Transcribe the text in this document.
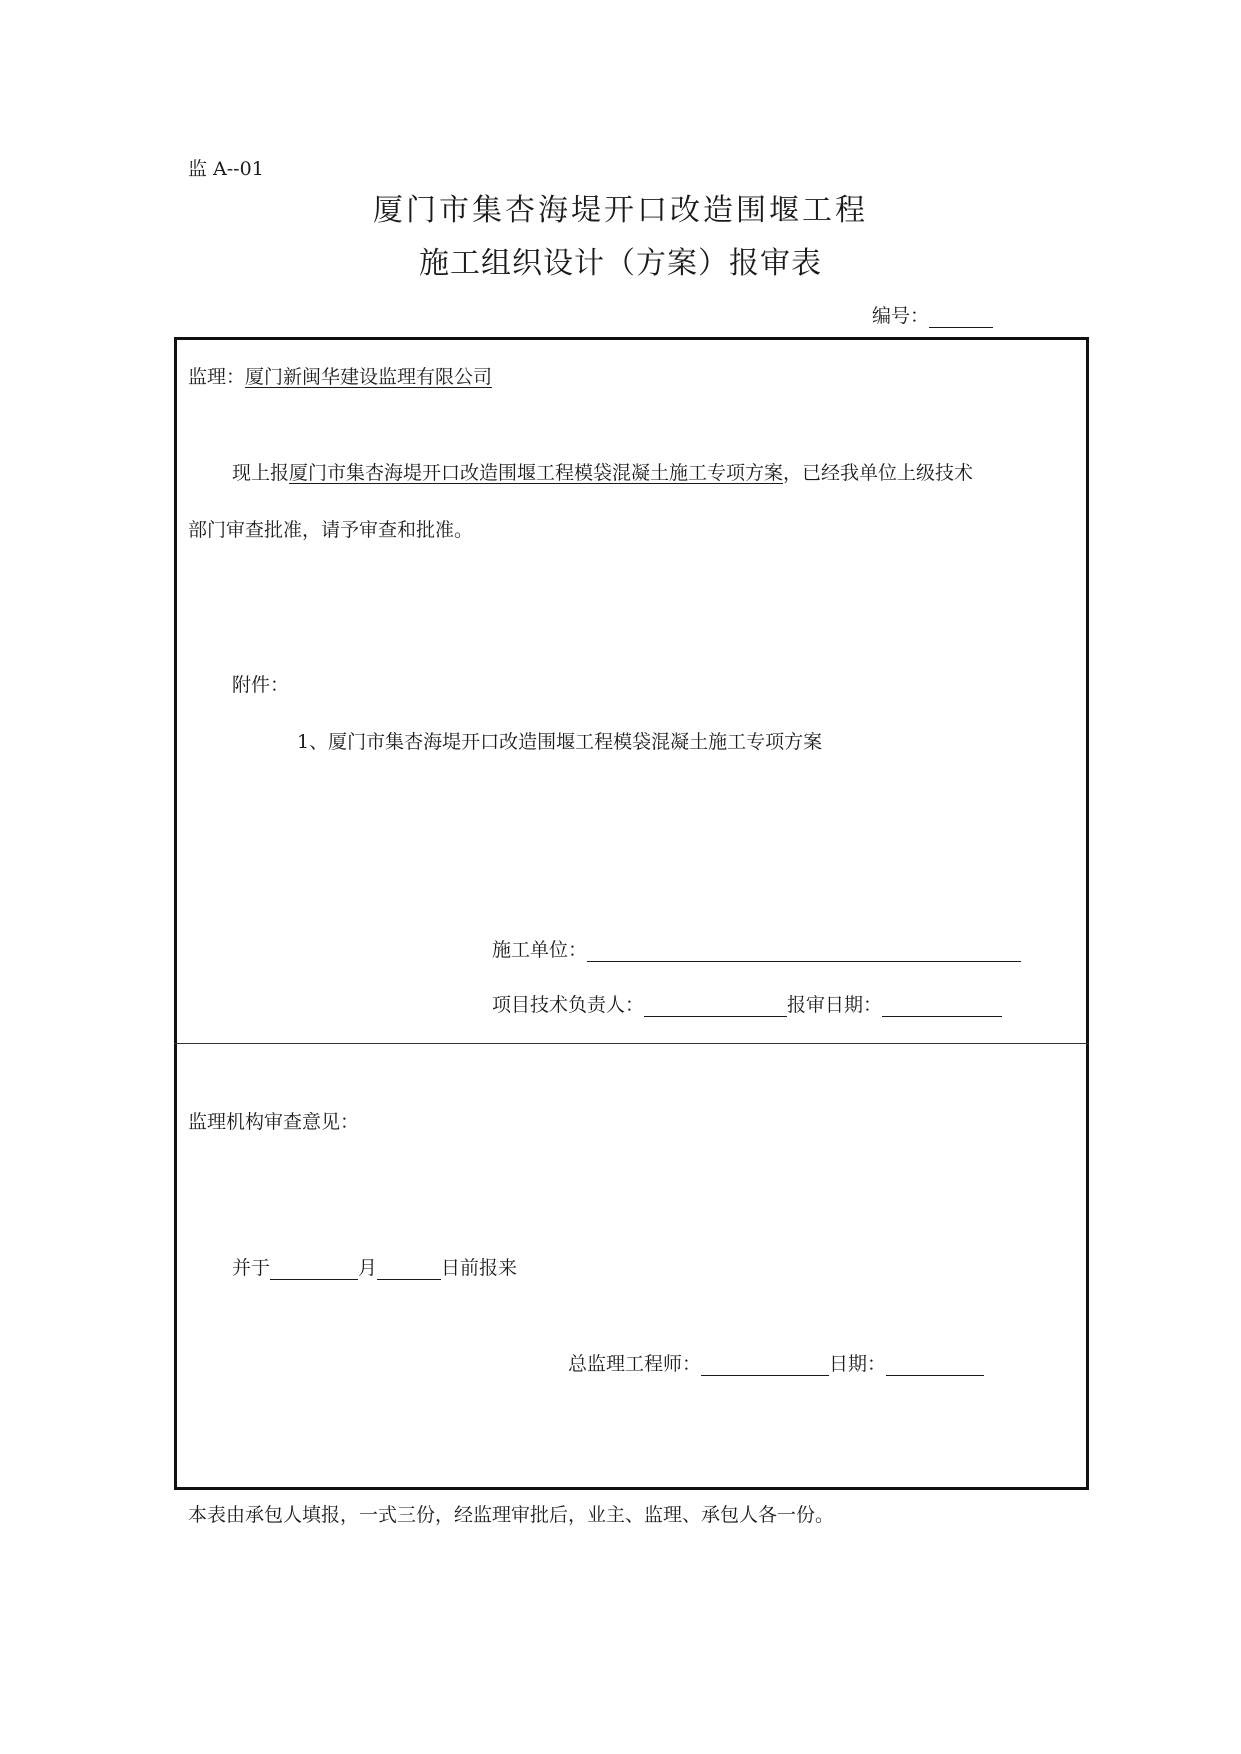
监 A--01
厦门市集杏海堤开口改造围堰工程
施工组织设计（方案）报审表
编号：
监理：厦门新闽华建设监理有限公司
现上报厦门市集杏海堤开口改造围堰工程模袋混凝土施工专项方案，已经我单位上级技术
部门审查批准，请予审查和批准。
附件：
1、厦门市集杏海堤开口改造围堰工程模袋混凝土施工专项方案
施工单位：
项目技术负责人：	报审日期：
监理机构审查意见：
并于	月	日前报来
总监理工程师：	日期：
本表由承包人填报，一式三份，经监理审批后，业主、监理、承包人各一份。
